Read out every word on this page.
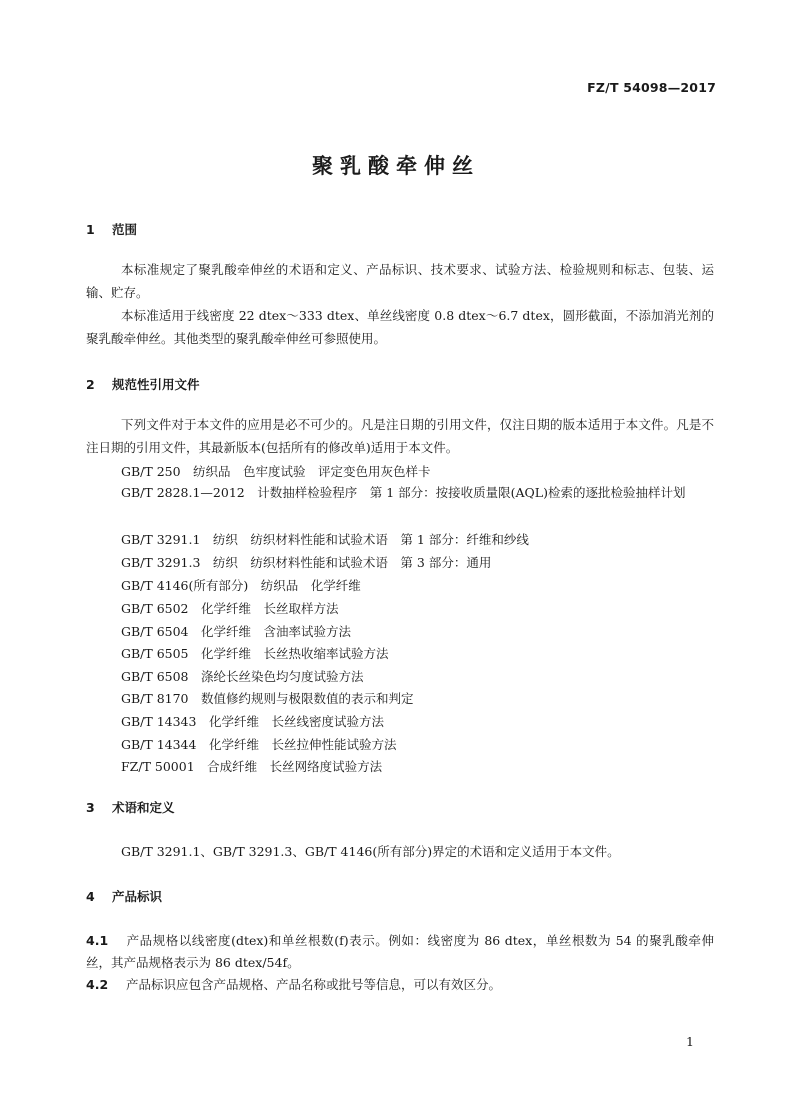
FZ/T 54098—2017
聚乳酸牵伸丝
1 范围
本标准规定了聚乳酸牵伸丝的术语和定义、产品标识、技术要求、试验方法、检验规则和标志、包装、运输、贮存。
本标准适用于线密度 22 dtex～333 dtex、单丝线密度 0.8 dtex～6.7 dtex，圆形截面，不添加消光剂的聚乳酸牵伸丝。其他类型的聚乳酸牵伸丝可参照使用。
2 规范性引用文件
下列文件对于本文件的应用是必不可少的。凡是注日期的引用文件，仅注日期的版本适用于本文件。凡是不注日期的引用文件，其最新版本(包括所有的修改单)适用于本文件。
GB/T 250　纺织品　色牢度试验　评定变色用灰色样卡
GB/T 2828.1—2012　计数抽样检验程序　第 1 部分：按接收质量限(AQL)检索的逐批检验抽样计划
GB/T 3291.1　纺织　纺织材料性能和试验术语　第 1 部分：纤维和纱线
GB/T 3291.3　纺织　纺织材料性能和试验术语　第 3 部分：通用
GB/T 4146(所有部分)　纺织品　化学纤维
GB/T 6502　化学纤维　长丝取样方法
GB/T 6504　化学纤维　含油率试验方法
GB/T 6505　化学纤维　长丝热收缩率试验方法
GB/T 6508　涤纶长丝染色均匀度试验方法
GB/T 8170　数值修约规则与极限数值的表示和判定
GB/T 14343　化学纤维　长丝线密度试验方法
GB/T 14344　化学纤维　长丝拉伸性能试验方法
FZ/T 50001　合成纤维　长丝网络度试验方法
3 术语和定义
GB/T 3291.1、GB/T 3291.3、GB/T 4146(所有部分)界定的术语和定义适用于本文件。
4 产品标识
4.1 产品规格以线密度(dtex)和单丝根数(f)表示。例如：线密度为 86 dtex，单丝根数为 54 的聚乳酸牵伸丝，其产品规格表示为 86 dtex/54f。
4.2 产品标识应包含产品规格、产品名称或批号等信息，可以有效区分。
1
